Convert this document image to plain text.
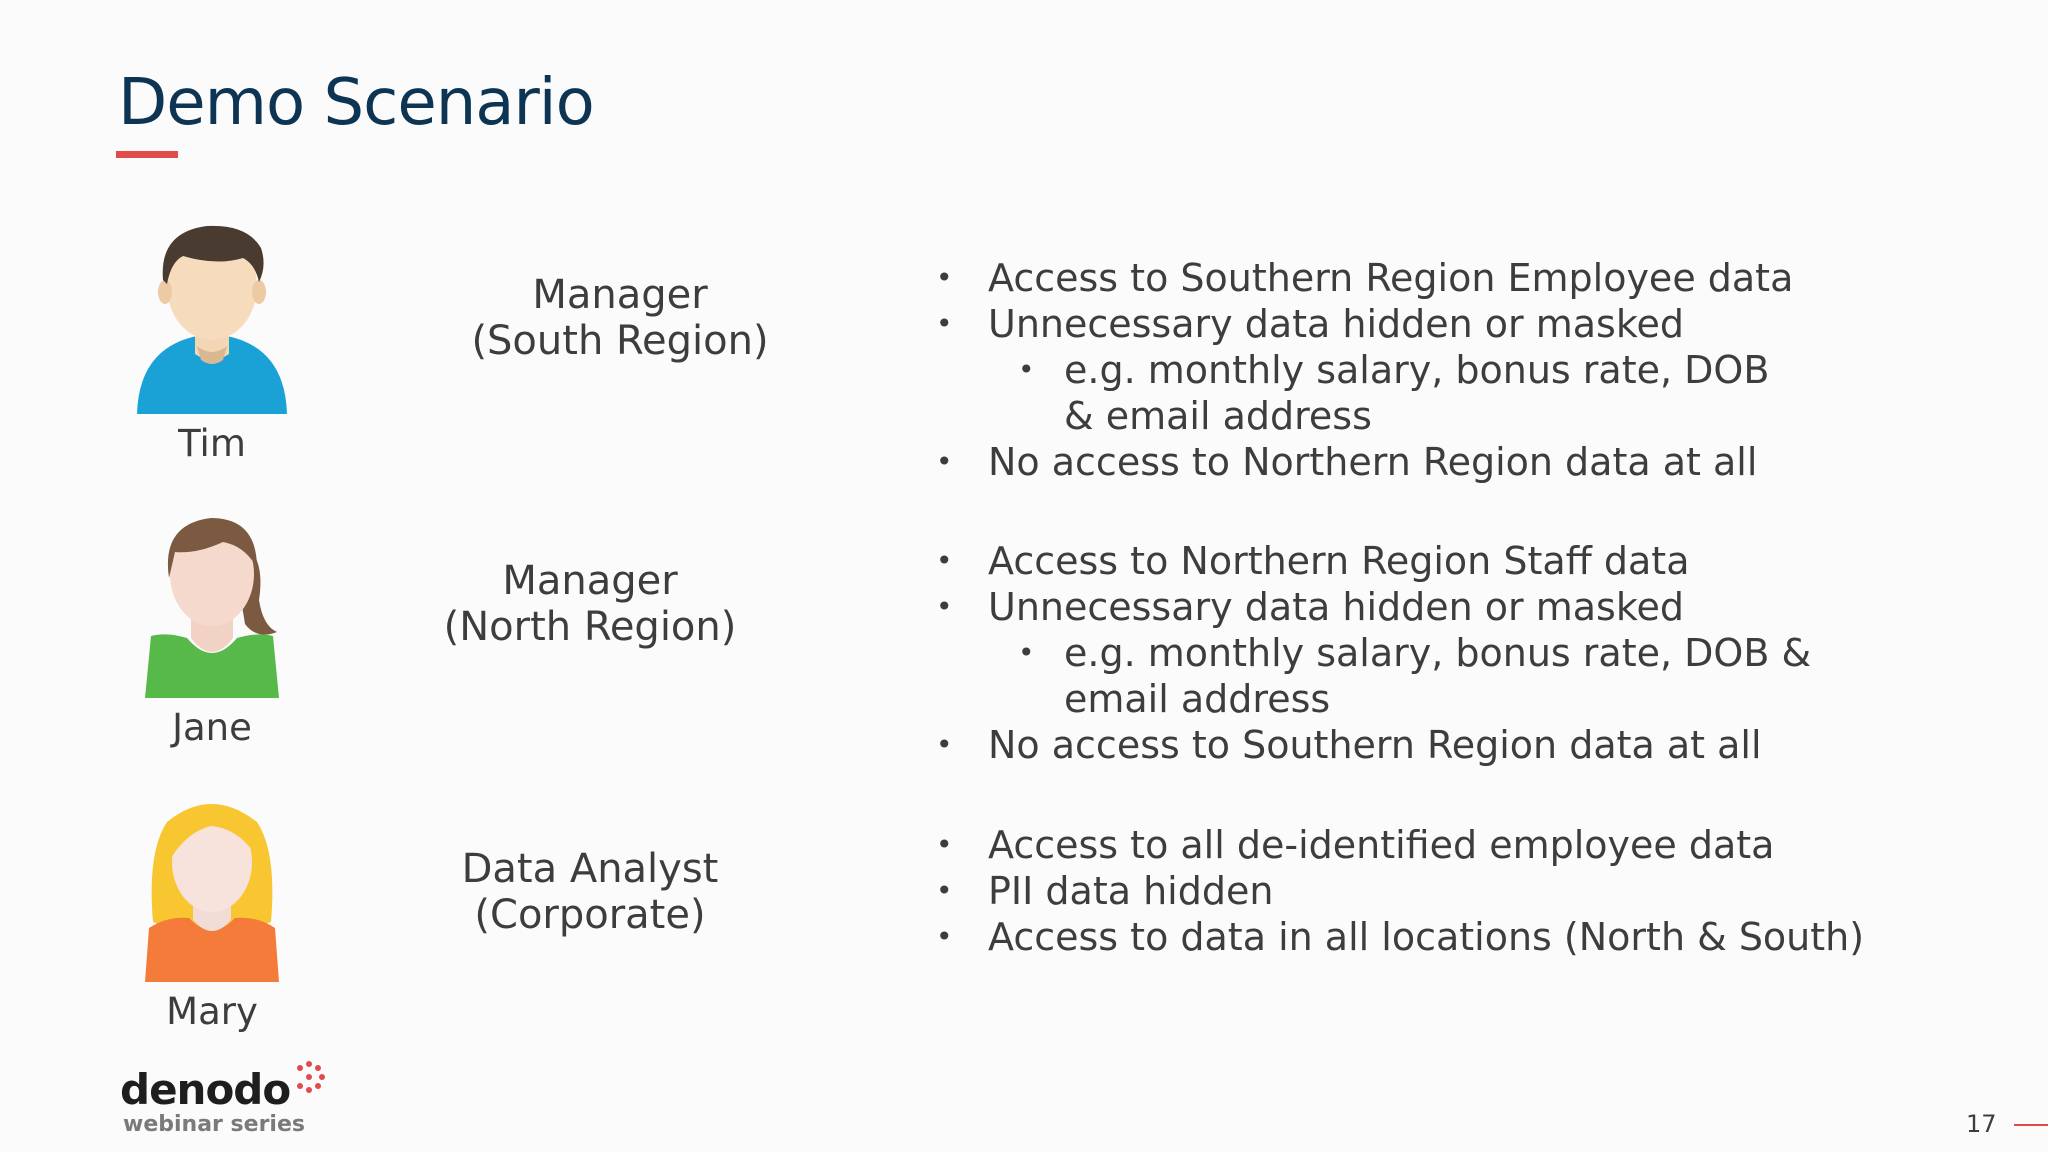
Demo Scenario
Tim
Manager
(South Region)
• Access to Southern Region Employee data
• Unnecessary data hidden or masked
• e.g. monthly salary, bonus rate, DOB
& email address
• No access to Northern Region data at all
Jane
Manager
(North Region)
• Access to Northern Region Staff data
• Unnecessary data hidden or masked
• e.g. monthly salary, bonus rate, DOB &
email address
• No access to Southern Region data at all
Mary
Data Analyst
(Corporate)
• Access to all de-identified employee data
• PII data hidden
• Access to data in all locations (North & South)
denodo
webinar series	17
